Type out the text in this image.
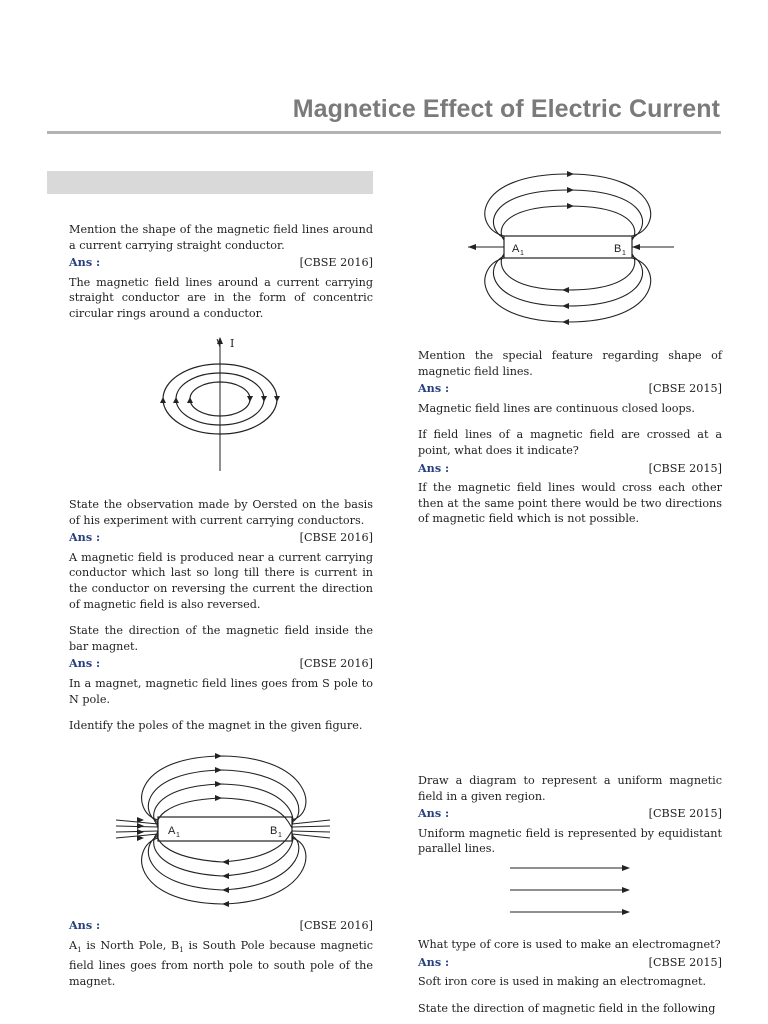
Magnetice Effect of Electric Current

Mention the shape of the magnetic field lines around a current carrying straight conductor.

Ans :	[CBSE 2016]

The magnetic field lines around a current carrying straight conductor are in the form of concentric circular rings around a conductor.

I

State the observation made by Oersted on the basis of his experiment with current carrying conductors.

Ans :	[CBSE 2016]

A magnetic field is produced near a current carrying conductor which last so long till there is current in the conductor on reversing the current the direction of magnetic field is also reversed.

State the direction of the magnetic field inside the bar magnet.

Ans :	[CBSE 2016]

In a magnet, magnetic field lines goes from S pole to N pole.

Identify the poles of the magnet in the given figure.

A 1	B 1
Ans :	[CBSE 2016]

$A_1$ is North Pole, $B_1$ is South Pole because magnetic field lines goes from north pole to south pole of the magnet.

A 1	B 1

Mention the special feature regarding shape of magnetic field lines.

Ans :	[CBSE 2015]

Magnetic field lines are continuous closed loops.

If field lines of a magnetic field are crossed at a point, what does it indicate?

Ans :	[CBSE 2015]

If the magnetic field lines would cross each other then at the same point there would be two directions of magnetic field which is not possible.

Draw a diagram to represent a uniform magnetic field in a given region.

Ans :	[CBSE 2015]

Uniform magnetic field is represented by equidistant parallel lines.

What type of core is used to make an electromagnet?

Ans :	[CBSE 2015]

Soft iron core is used in making an electromagnet.

State the direction of magnetic field in the following
